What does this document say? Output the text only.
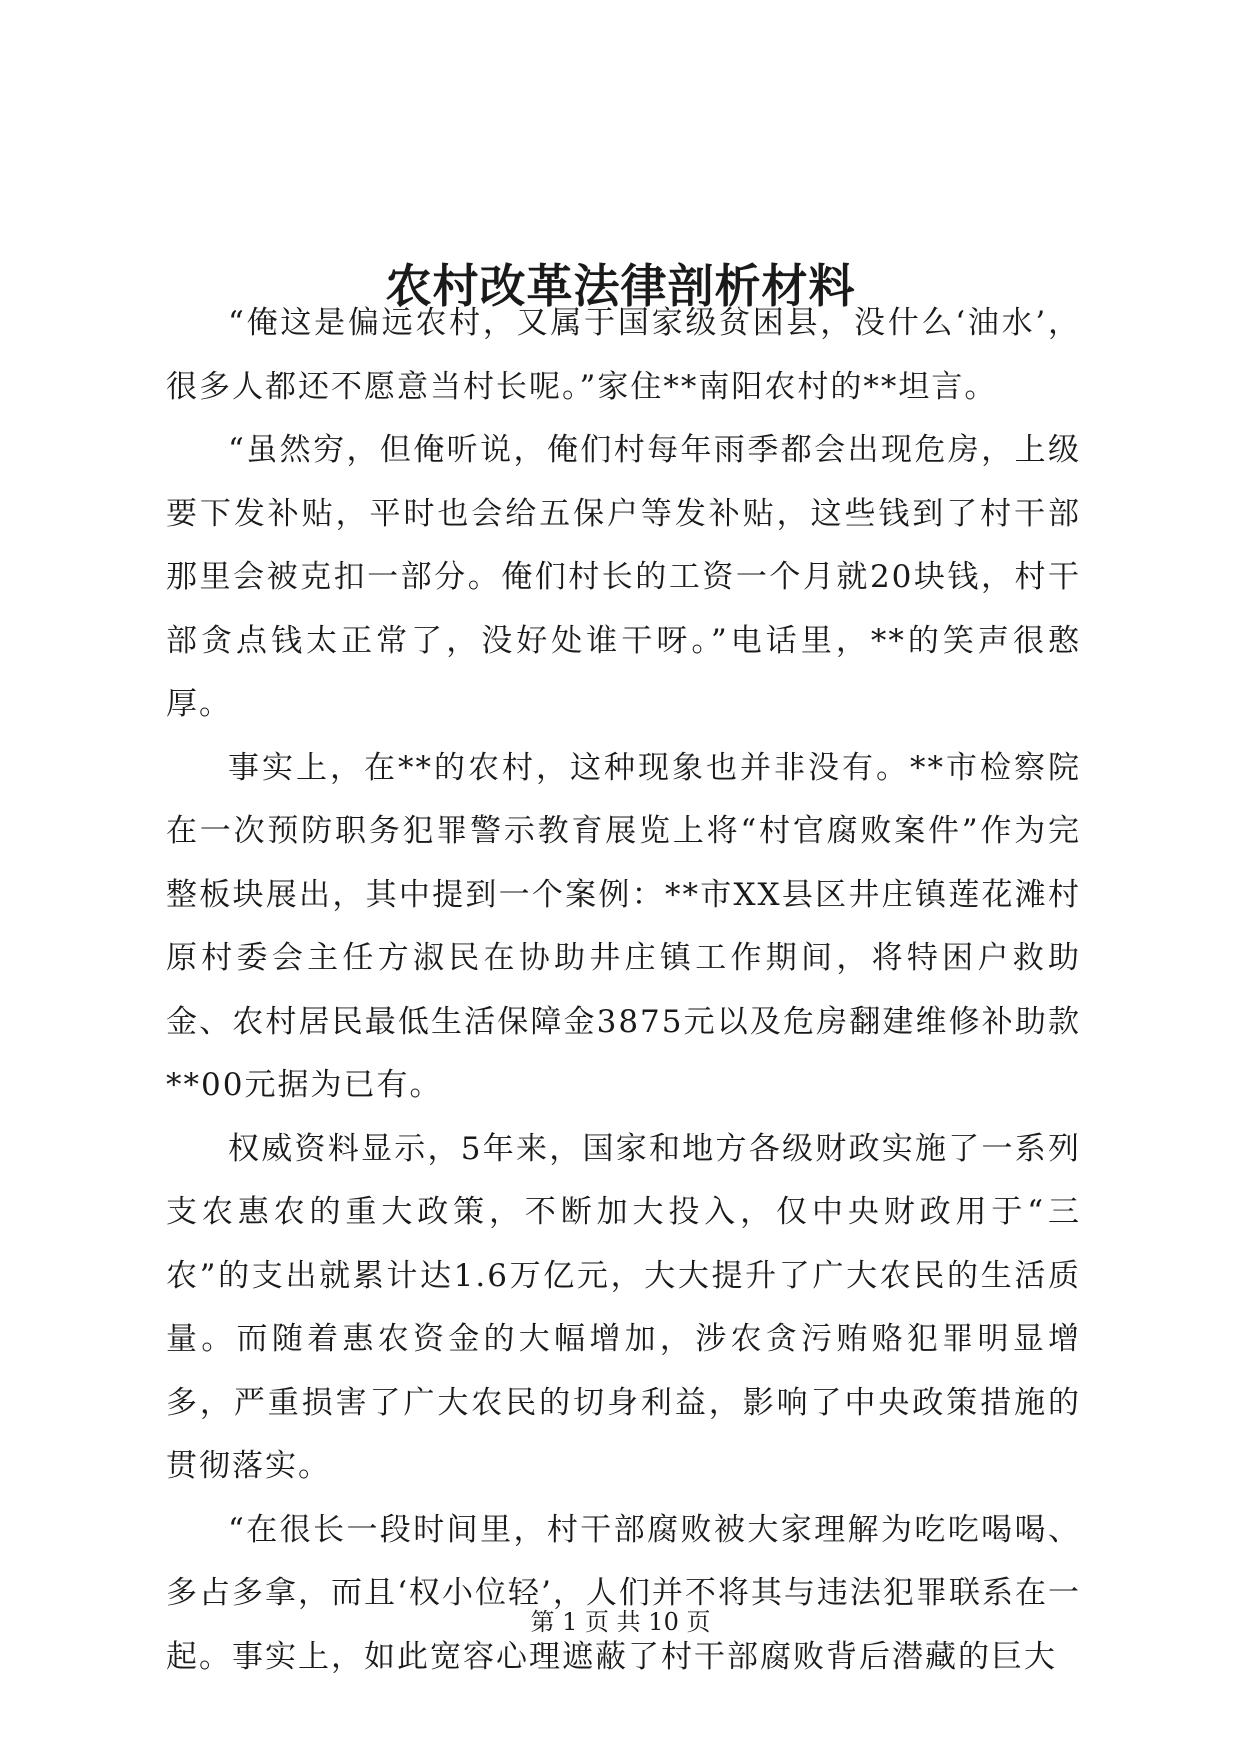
农村改革法律剖析材料

“俺这是偏远农村，又属于国家级贫困县，没什么‘油水’，很多人都还不愿意当村长呢。”家住**南阳农村的**坦言。

“虽然穷，但俺听说，俺们村每年雨季都会出现危房，上级要下发补贴，平时也会给五保户等发补贴，这些钱到了村干部那里会被克扣一部分。俺们村长的工资一个月就20块钱，村干部贪点钱太正常了，没好处谁干呀。”电话里，**的笑声很憨厚。

事实上，在**的农村，这种现象也并非没有。**市检察院在一次预防职务犯罪警示教育展览上将“村官腐败案件”作为完整板块展出，其中提到一个案例：**市XX县区井庄镇莲花滩村原村委会主任方淑民在协助井庄镇工作期间，将特困户救助金、农村居民最低生活保障金3875元以及危房翻建维修补助款**00元据为已有。

权威资料显示，5年来，国家和地方各级财政实施了一系列支农惠农的重大政策，不断加大投入，仅中央财政用于“三农”的支出就累计达1.6万亿元，大大提升了广大农民的生活质量。而随着惠农资金的大幅增加，涉农贪污贿赂犯罪明显增多，严重损害了广大农民的切身利益，影响了中央政策措施的贯彻落实。

“在很长一段时间里，村干部腐败被大家理解为吃吃喝喝、多占多拿，而且‘权小位轻’，人们并不将其与违法犯罪联系在一起。事实上，如此宽容心理遮蔽了村干部腐败背后潜藏的巨大

第 1 页 共 10 页
